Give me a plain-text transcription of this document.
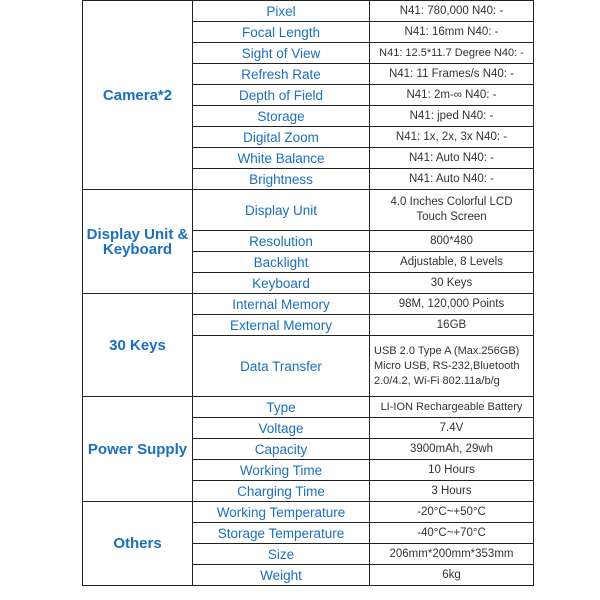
Camera*2	Pixel	N41: 780,000 N40: -
	Focal Length	N41: 16mm N40: -
	Sight of View	N41: 12.5*11.7 Degree N40: -
	Refresh Rate	N41: 11 Frames/s N40: -
	Depth of Field	N41: 2m-∞ N40: -
	Storage	N41: jped N40: -
	Digital Zoom	N41: 1x, 2x, 3x N40: -
	White Balance	N41: Auto N40: -
	Brightness	N41: Auto N40: -
Display Unit & Keyboard	Display Unit	4.0 Inches Colorful LCD Touch Screen
	Resolution	800*480
	Backlight	Adjustable, 8 Levels
	Keyboard	30 Keys
30 Keys	Internal Memory	98M, 120,000 Points
	External Memory	16GB
	Data Transfer	USB 2.0 Type A (Max.256GB) Micro USB, RS-232,Bluetooth 2.0/4.2, Wi-Fi 802.11a/b/g
Power Supply	Type	LI-ION Rechargeable Battery
	Voltage	7.4V
	Capacity	3900mAh, 29wh
	Working Time	10 Hours
	Charging Time	3 Hours
Others	Working Temperature	-20°C~+50°C
	Storage Temperature	-40°C~+70°C
	Size	206mm*200mm*353mm
	Weight	6kg
